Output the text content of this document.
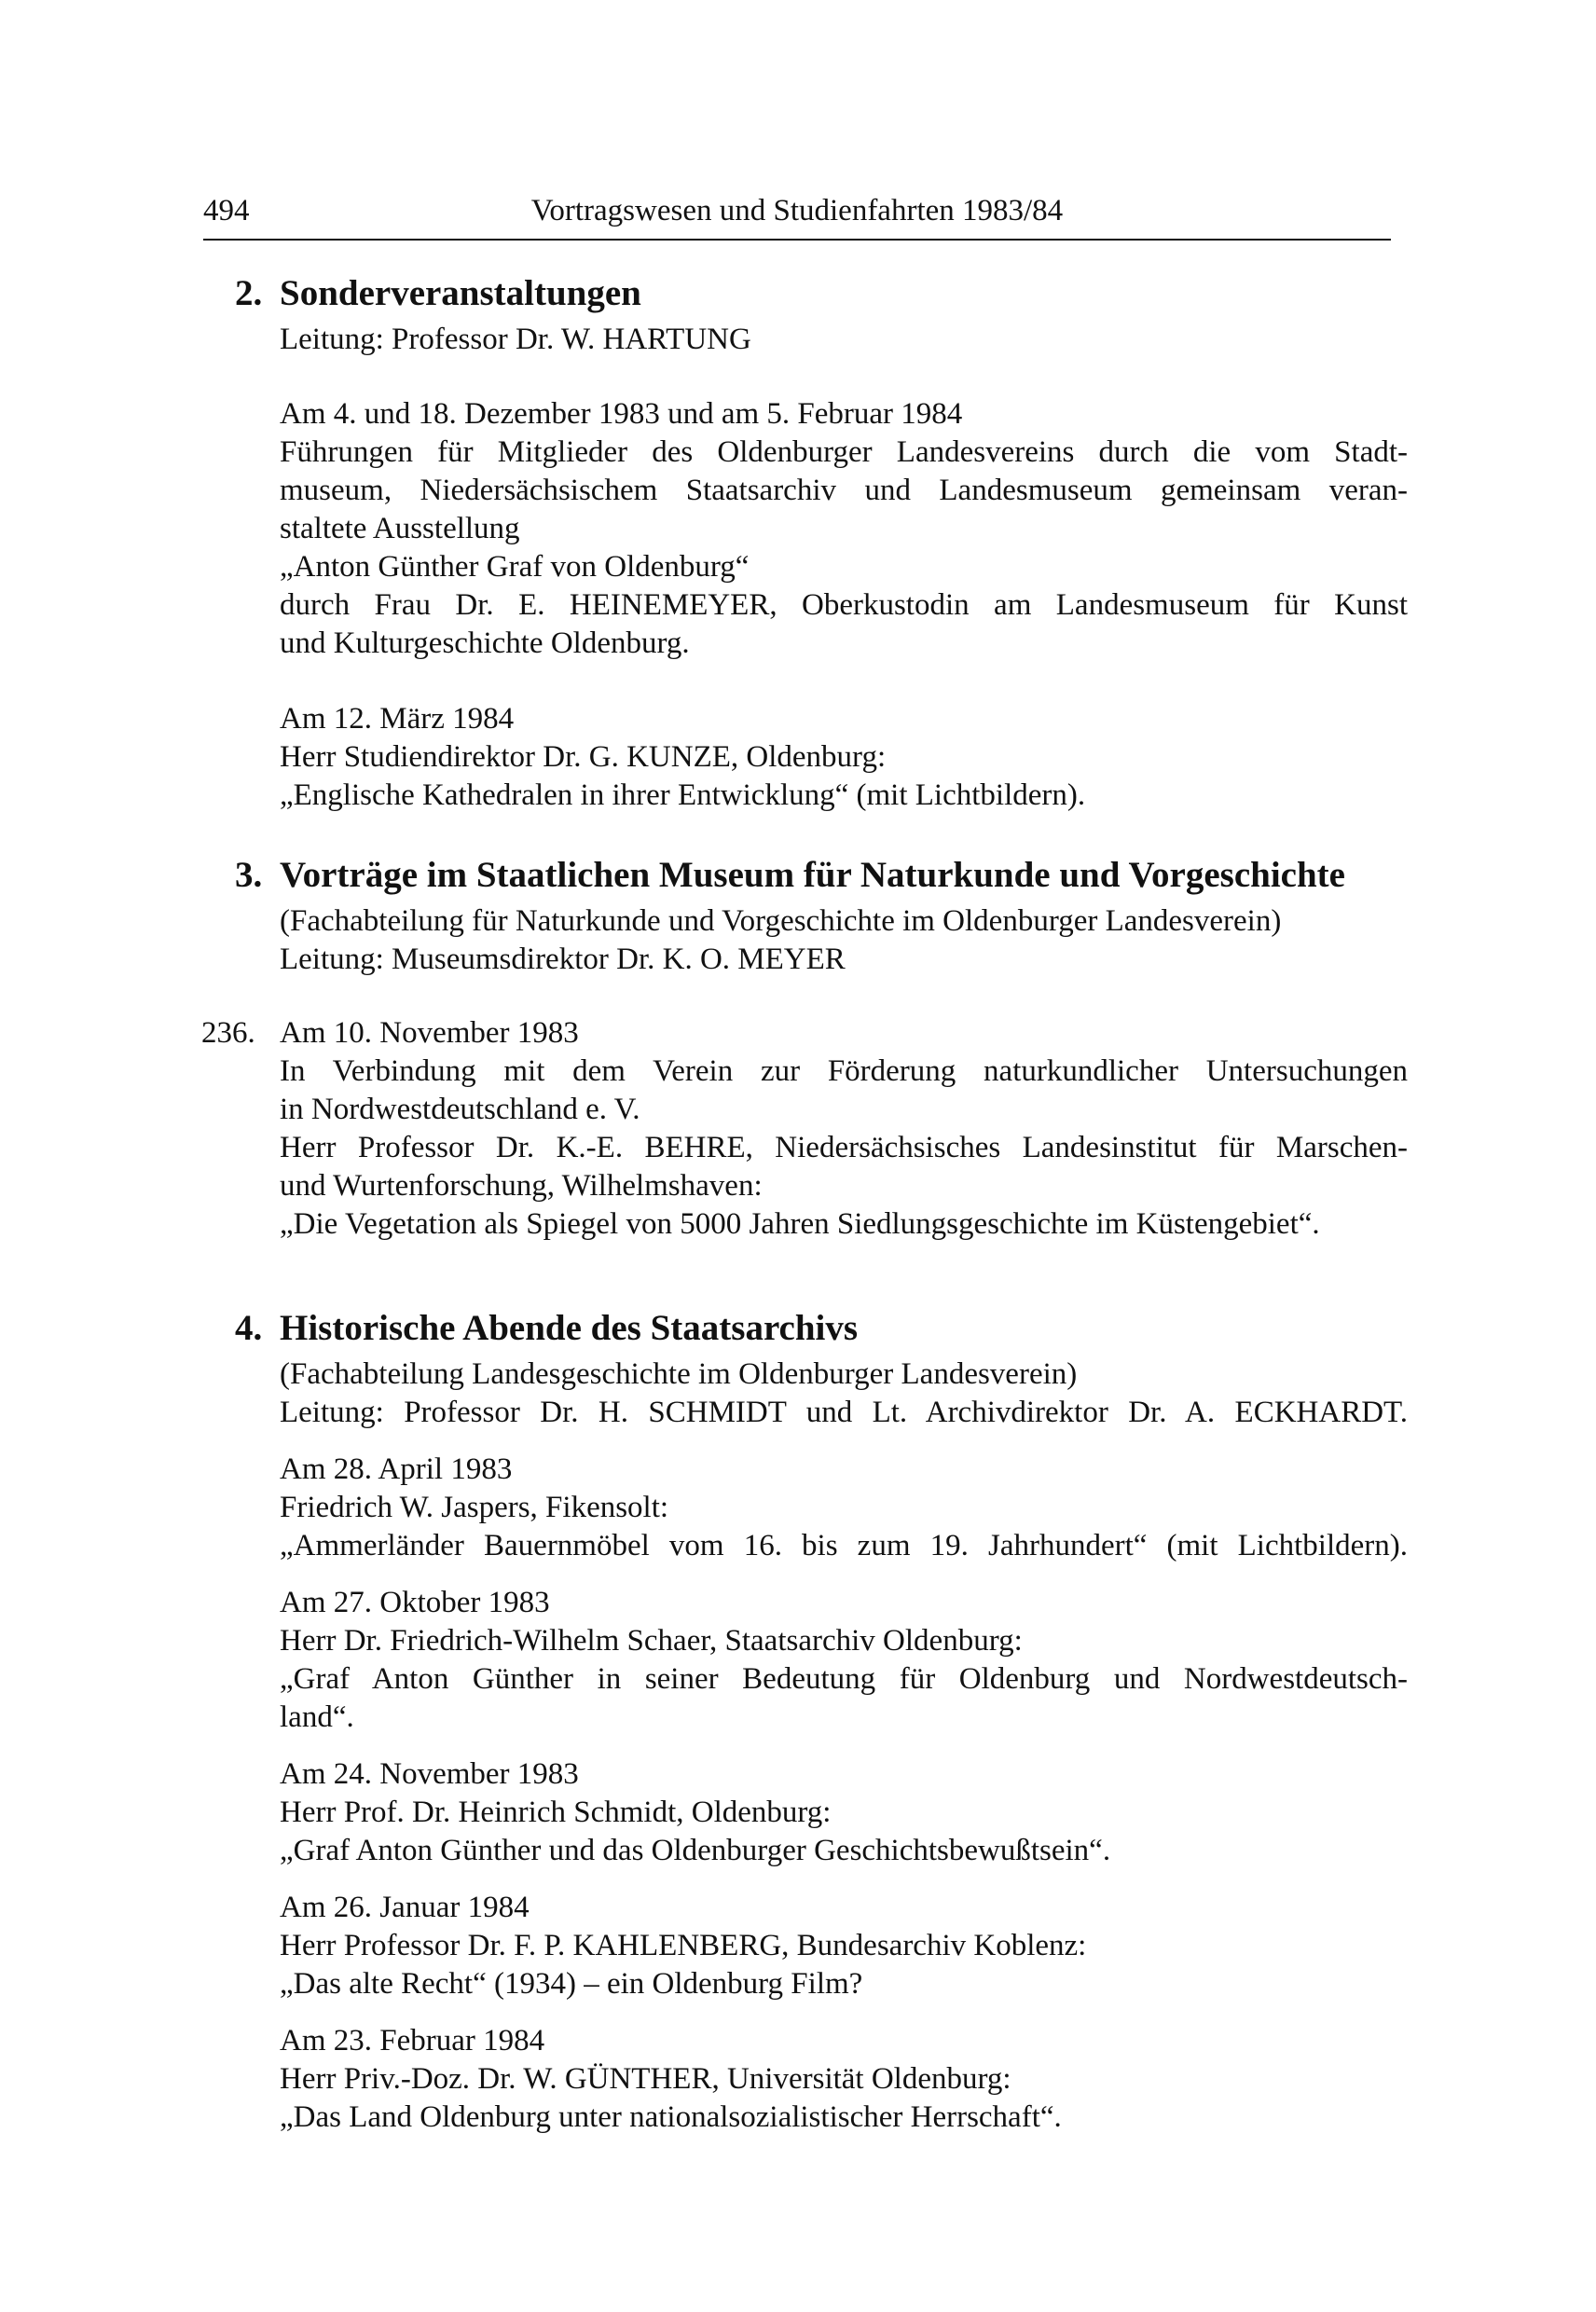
494	Vortragswesen und Studienfahrten 1983/84
2. Sonderveranstaltungen
Leitung: Professor Dr. W. HARTUNG
Am 4. und 18. Dezember 1983 und am 5. Februar 1984
Führungen für Mitglieder des Oldenburger Landesvereins durch die vom Stadt-
museum, Niedersächsischem Staatsarchiv und Landesmuseum gemeinsam veran-
staltete Ausstellung
„Anton Günther Graf von Oldenburg“
durch Frau Dr. E. HEINEMEYER, Oberkustodin am Landesmuseum für Kunst
und Kulturgeschichte Oldenburg.
Am 12. März 1984
Herr Studiendirektor Dr. G. KUNZE, Oldenburg:
„Englische Kathedralen in ihrer Entwicklung“ (mit Lichtbildern).
3. Vorträge im Staatlichen Museum für Naturkunde und Vorgeschichte
(Fachabteilung für Naturkunde und Vorgeschichte im Oldenburger Landesverein)
Leitung: Museumsdirektor Dr. K. O. MEYER
236. Am 10. November 1983
In Verbindung mit dem Verein zur Förderung naturkundlicher Untersuchungen
in Nordwestdeutschland e. V.
Herr Professor Dr. K.-E. BEHRE, Niedersächsisches Landesinstitut für Marschen-
und Wurtenforschung, Wilhelmshaven:
„Die Vegetation als Spiegel von 5000 Jahren Siedlungsgeschichte im Küstengebiet“.
4. Historische Abende des Staatsarchivs
(Fachabteilung Landesgeschichte im Oldenburger Landesverein)
Leitung: Professor Dr. H. SCHMIDT und Lt. Archivdirektor Dr. A. ECKHARDT.
Am 28. April 1983
Friedrich W. Jaspers, Fikensolt:
„Ammerländer Bauernmöbel vom 16. bis zum 19. Jahrhundert“ (mit Lichtbildern).
Am 27. Oktober 1983
Herr Dr. Friedrich-Wilhelm Schaer, Staatsarchiv Oldenburg:
„Graf Anton Günther in seiner Bedeutung für Oldenburg und Nordwestdeutsch-
land“.
Am 24. November 1983
Herr Prof. Dr. Heinrich Schmidt, Oldenburg:
„Graf Anton Günther und das Oldenburger Geschichtsbewußtsein“.
Am 26. Januar 1984
Herr Professor Dr. F. P. KAHLENBERG, Bundesarchiv Koblenz:
„Das alte Recht“ (1934) – ein Oldenburg Film?
Am 23. Februar 1984
Herr Priv.-Doz. Dr. W. GÜNTHER, Universität Oldenburg:
„Das Land Oldenburg unter nationalsozialistischer Herrschaft“.
